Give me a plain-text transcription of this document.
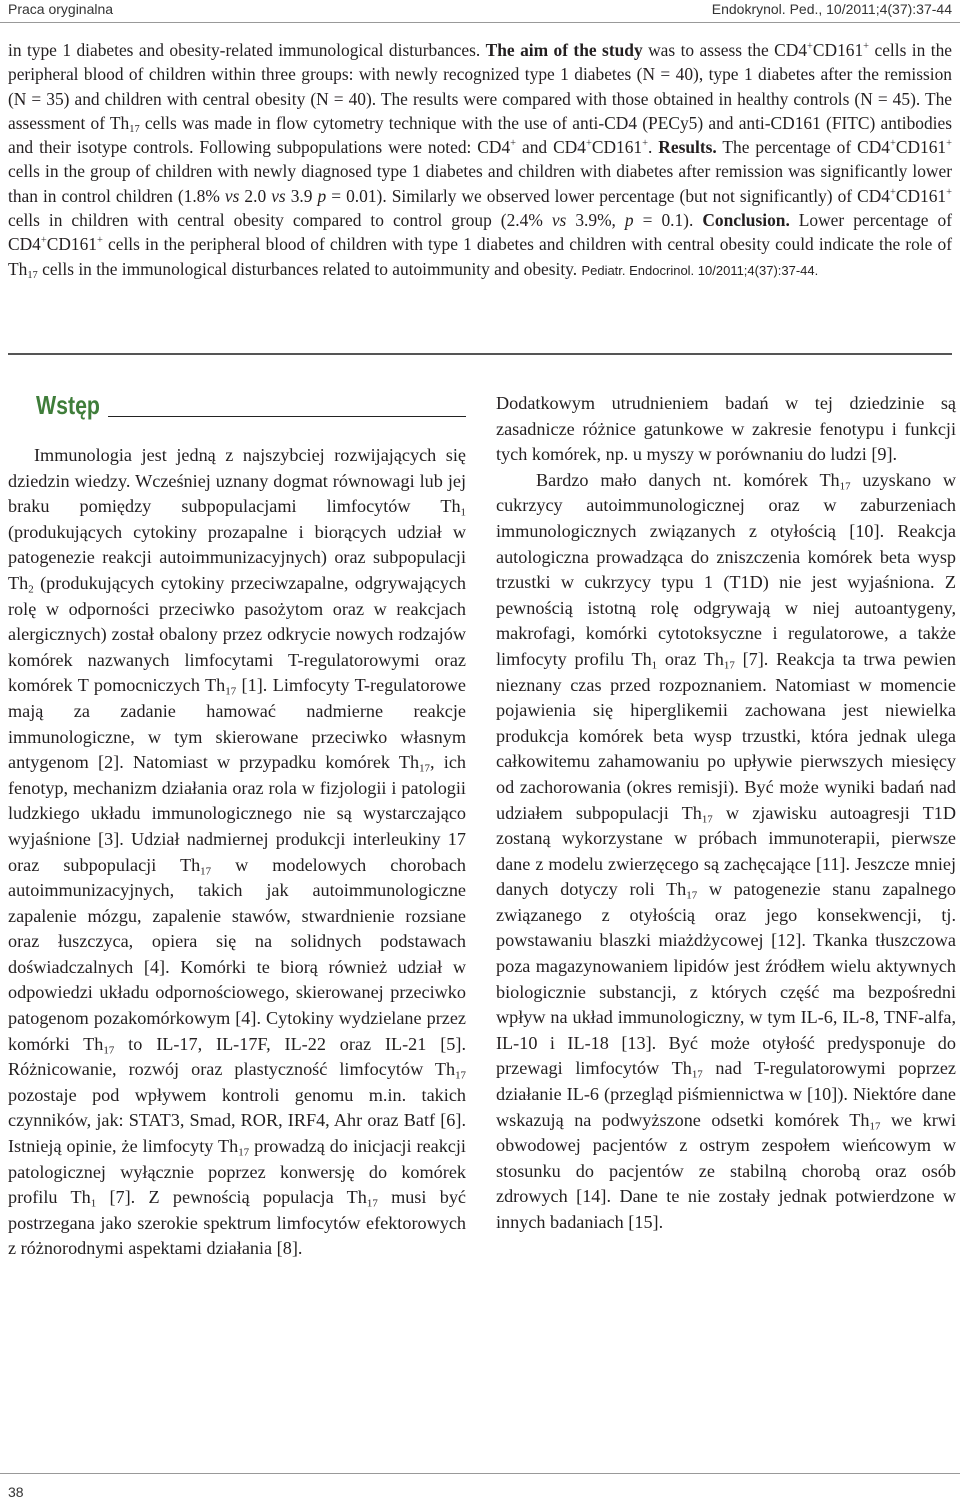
Praca oryginalna	Endokrynol. Ped., 10/2011;4(37):37-44

in type 1 diabetes and obesity-related immunological disturbances. The aim of the study was to assess the CD4+CD161+ cells in the peripheral blood of children within three groups: with newly recognized type 1 diabetes (N = 40), type 1 diabetes after the remission (N = 35) and children with central obesity (N = 40). The results were compared with those obtained in healthy controls (N = 45). The assessment of $Th_{17}$ cells was made in flow cytometry technique with the use of anti-CD4 (PECy5) and anti-CD161 (FITC) antibodies and their isotype controls. Following subpopulations were noted: CD4+ and CD4+CD161+. Results. The percentage of CD4+CD161+ cells in the group of children with newly diagnosed type 1 diabetes and children with diabetes after remission was significantly lower than in control children (1.8% vs 2.0 vs 3.9 p = 0.01). Similarly we observed lower percentage (but not significantly) of CD4+CD161+ cells in children with central obesity compared to control group (2.4% vs 3.9%, p = 0.1). Conclusion. Lower percentage of CD4+CD161+ cells in the peripheral blood of children with type 1 diabetes and children with central obesity could indicate the role of $Th_{17}$ cells in the immunological disturbances related to autoimmunity and obesity. Pediatr. Endocrinol. 10/2011;4(37):37-44.

Wstęp

Immunologia jest jedną z najszybciej rozwijających się dziedzin wiedzy. Wcześniej uznany dogmat równowagi lub jej braku pomiędzy subpopulacjami limfocytów $Th_1$ (produkujących cytokiny prozapalne i biorących udział w patogenezie reakcji autoimmunizacyjnych) oraz subpopulacji $Th_2$ (produkujących cytokiny przeciwzapalne, odgrywających rolę w odporności przeciwko pasożytom oraz w reakcjach alergicznych) został obalony przez odkrycie nowych rodzajów komórek nazwanych limfocytami T-regulatorowymi oraz komórek T pomocniczych $Th_{17}$ [1]. Limfocyty T-regulatorowe mają za zadanie hamować nadmierne reakcje immunologiczne, w tym skierowane przeciwko własnym antygenom [2]. Natomiast w przypadku komórek $Th_{17}$, ich fenotyp, mechanizm działania oraz rola w fizjologii i patologii ludzkiego układu immunologicznego nie są wystarczająco wyjaśnione [3]. Udział nadmiernej produkcji interleukiny 17 oraz subpopulacji $Th_{17}$ w modelowych chorobach autoimmunizacyjnych, takich jak autoimmunologiczne zapalenie mózgu, zapalenie stawów, stwardnienie rozsiane oraz łuszczyca, opiera się na solidnych podstawach doświadczalnych [4]. Komórki te biorą również udział w odpowiedzi układu odpornościowego, skierowanej przeciwko patogenom pozakomórkowym [4]. Cytokiny wydzielane przez komórki $Th_{17}$ to IL-17, IL-17F, IL-22 oraz IL-21 [5]. Różnicowanie, rozwój oraz plastyczność limfocytów $Th_{17}$ pozostaje pod wpływem kontroli genomu m.in. takich czynników, jak: STAT3, Smad, ROR, IRF4, Ahr oraz Batf [6]. Istnieją opinie, że limfocyty $Th_{17}$ prowadzą do inicjacji reakcji patologicznej wyłącznie poprzez konwersję do komórek profilu $Th_1$ [7]. Z pewnością populacja $Th_{17}$ musi być postrzegana jako szerokie spektrum limfocytów efektorowych z różnorodnymi aspektami działania [8].

Dodatkowym utrudnieniem badań w tej dziedzinie są zasadnicze różnice gatunkowe w zakresie fenotypu i funkcji tych komórek, np. u myszy w porównaniu do ludzi [9].

Bardzo mało danych nt. komórek $Th_{17}$ uzyskano w cukrzycy autoimmunologicznej oraz w zaburzeniach immunologicznych związanych z otyłością [10]. Reakcja autologiczna prowadząca do zniszczenia komórek beta wysp trzustki w cukrzycy typu 1 (T1D) nie jest wyjaśniona. Z pewnością istotną rolę odgrywają w niej autoantygeny, makrofagi, komórki cytotoksyczne i regulatorowe, a także limfocyty profilu $Th_1$ oraz $Th_{17}$ [7]. Reakcja ta trwa pewien nieznany czas przed rozpoznaniem. Natomiast w momencie pojawienia się hiperglikemii zachowana jest niewielka produkcja komórek beta wysp trzustki, która jednak ulega całkowitemu zahamowaniu po upływie pierwszych miesięcy od zachorowania (okres remisji). Być może wyniki badań nad udziałem subpopulacji $Th_{17}$ w zjawisku autoagresji T1D zostaną wykorzystane w próbach immunoterapii, pierwsze dane z modelu zwierzęcego są zachęcające [11]. Jeszcze mniej danych dotyczy roli $Th_{17}$ w patogenezie stanu zapalnego związanego z otyłością oraz jego konsekwencji, tj. powstawaniu blaszki miażdżycowej [12]. Tkanka tłuszczowa poza magazynowaniem lipidów jest źródłem wielu aktywnych biologicznie substancji, z których część ma bezpośredni wpływ na układ immunologiczny, w tym IL-6, IL-8, TNF-alfa, IL-10 i IL-18 [13]. Być może otyłość predysponuje do przewagi limfocytów $Th_{17}$ nad T-regulatorowymi poprzez działanie IL-6 (przegląd piśmiennictwa w [10]). Niektóre dane wskazują na podwyższone odsetki komórek $Th_{17}$ we krwi obwodowej pacjentów z ostrym zespołem wieńcowym w stosunku do pacjentów ze stabilną chorobą oraz osób zdrowych [14]. Dane te nie zostały jednak potwierdzone w innych badaniach [15].

38
